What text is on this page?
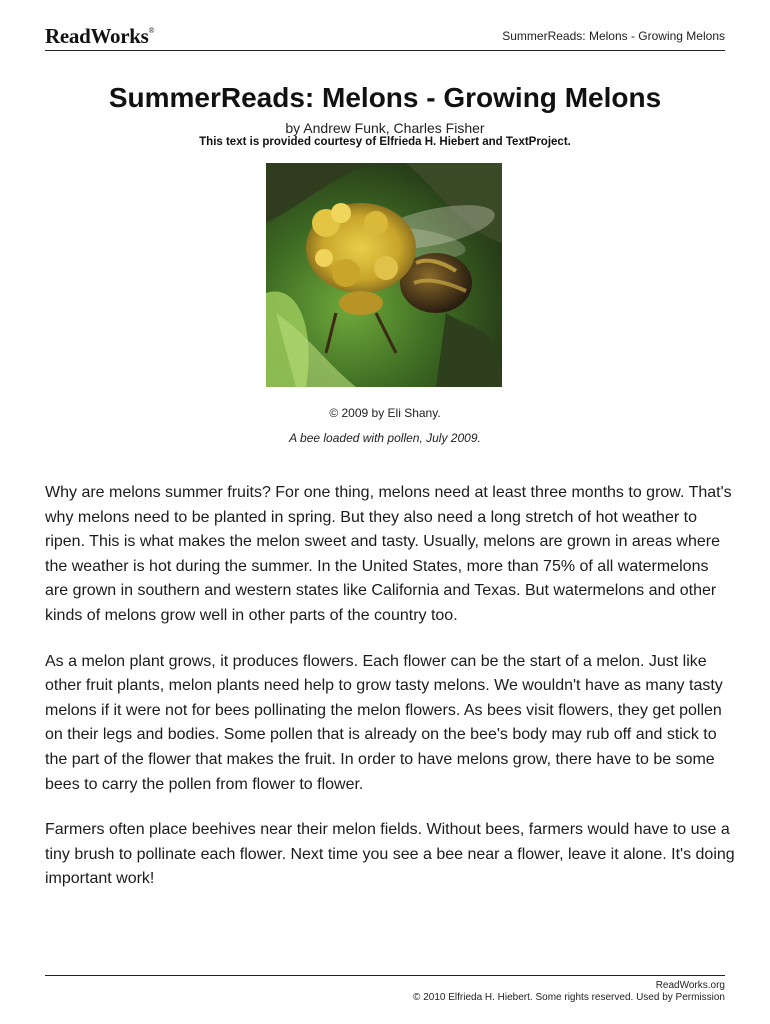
ReadWorks®	SummerReads: Melons - Growing Melons
SummerReads: Melons - Growing Melons
by Andrew Funk, Charles Fisher
This text is provided courtesy of Elfrieda H. Hiebert and TextProject.
© 2009 by Eli Shany.
A bee loaded with pollen, July 2009.

Why are melons summer fruits? For one thing, melons need at least three months to grow. That's why melons need to be planted in spring. But they also need a long stretch of hot weather to ripen. This is what makes the melon sweet and tasty. Usually, melons are grown in areas where the weather is hot during the summer. In the United States, more than 75% of all watermelons are grown in southern and western states like California and Texas. But watermelons and other kinds of melons grow well in other parts of the country too.

As a melon plant grows, it produces flowers. Each flower can be the start of a melon. Just like other fruit plants, melon plants need help to grow tasty melons. We wouldn't have as many tasty melons if it were not for bees pollinating the melon flowers. As bees visit flowers, they get pollen on their legs and bodies. Some pollen that is already on the bee's body may rub off and stick to the part of the flower that makes the fruit. In order to have melons grow, there have to be some bees to carry the pollen from flower to flower.

Farmers often place beehives near their melon fields. Without bees, farmers would have to use a tiny brush to pollinate each flower. Next time you see a bee near a flower, leave it alone. It's doing important work!

ReadWorks.org
© 2010 Elfrieda H. Hiebert. Some rights reserved. Used by Permission
